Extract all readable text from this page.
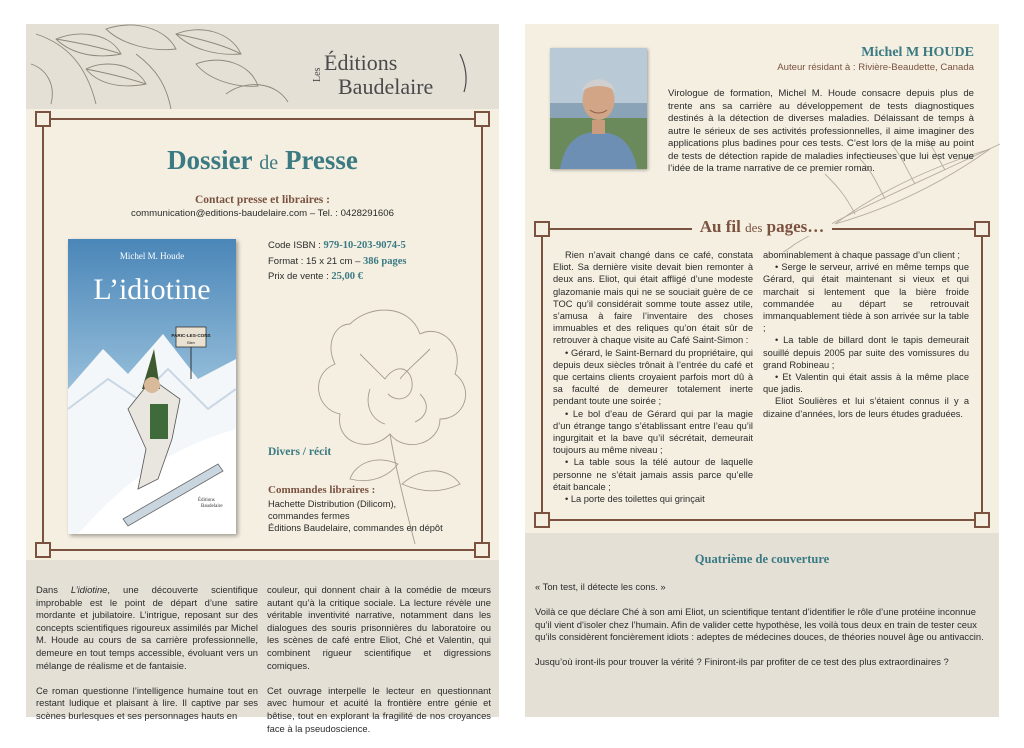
Les Éditions
Baudelaire
Dossier de Presse
Contact presse et libraires :
communication@editions-baudelaire.com – Tel. : 0428291606
PARIC-LES-CONS
Bien
Michel M. Houde
L’idiotine
Éditions
Baudelaire
Code ISBN : 979-10-203-9074-5
Format : 15 x 21 cm – 386 pages
Prix de vente : 25,00 €
Divers / récit
Commandes libraires :
Hachette Distribution (Dilicom),
commandes fermes
Éditions Baudelaire, commandes en dépôt

Dans L’idiotine, une découverte scientifique improbable est le point de départ d’une satire mordante et jubilatoire. L’intrigue, reposant sur des concepts scientifiques rigoureux assimilés par Michel M. Houde au cours de sa carrière professionnelle, demeure en tout temps accessible, évoluant vers un mélange de réalisme et de fantaisie.

Ce roman questionne l’intelligence humaine tout en restant ludique et plaisant à lire. Il captive par ses scènes burlesques et ses personnages hauts en

couleur, qui donnent chair à la comédie de mœurs autant qu’à la critique sociale. La lecture révèle une véritable inventivité narrative, notamment dans les dialogues des souris prisonnières du laboratoire ou les scènes de café entre Eliot, Ché et Valentin, qui combinent rigueur scientifique et digressions comiques.

Cet ouvrage interpelle le lecteur en questionnant avec humour et acuité la frontière entre génie et bêtise, tout en explorant la fragilité de nos croyances face à la pseudoscience.

Michel M HOUDE
Auteur résidant à : Rivière-Beaudette, Canada
Virologue de formation, Michel M. Houde consacre depuis plus de trente ans sa carrière au développement de tests diagnostiques destinés à la détection de diverses maladies. Délaissant de temps à autre le sérieux de ses activités professionnelles, il aime imaginer des applications plus badines pour ces tests. C’est lors de la mise au point de tests de détection rapide de maladies infectieuses que lui est venue l’idée de la trame narrative de ce premier roman.
Au fil des pages…

Rien n’avait changé dans ce café, constata Eliot. Sa dernière visite devait bien remonter à deux ans. Eliot, qui était affligé d’une modeste glazomanie mais qui ne se souciait guère de ce TOC qu’il considérait somme toute assez utile, s’amusa à faire l’inventaire des choses immuables et des reliques qu’on était sûr de retrouver à chaque visite au Café Saint-Simon :

• Gérard, le Saint-Bernard du propriétaire, qui depuis deux siècles trônait à l’entrée du café et que certains clients croyaient parfois mort dû à sa faculté de demeurer totalement inerte pendant toute une soirée ;

• Le bol d’eau de Gérard qui par la magie d’un étrange tango s’établissant entre l’eau qu’il ingurgitait et la bave qu’il sécrétait, demeurait toujours au même niveau ;

• La table sous la télé autour de laquelle personne ne s’était jamais assis parce qu’elle était bancale ;

• La porte des toilettes qui grinçait

abominablement à chaque passage d’un client ;

• Serge le serveur, arrivé en même temps que Gérard, qui était maintenant si vieux et qui marchait si lentement que la bière froide commandée au départ se retrouvait immanquablement tiède à son arrivée sur la table ;

• La table de billard dont le tapis demeurait souillé depuis 2005 par suite des vomissures du grand Robineau ;

• Et Valentin qui était assis à la même place que jadis.

Eliot Soulières et lui s’étaient connus il y a dizaine d’années, lors de leurs études graduées.

Quatrième de couverture

« Ton test, il détecte les cons. »

Voilà ce que déclare Ché à son ami Eliot, un scientifique tentant d’identifier le rôle d’une protéine inconnue qu’il vient d’isoler chez l’humain. Afin de valider cette hypothèse, les voilà tous deux en train de tester ceux qu’ils considèrent foncièrement idiots : adeptes de médecines douces, de théories nouvel âge ou antivaccin.

Jusqu’où iront-ils pour trouver la vérité ? Finiront-ils par profiter de ce test des plus extraordinaires ?
